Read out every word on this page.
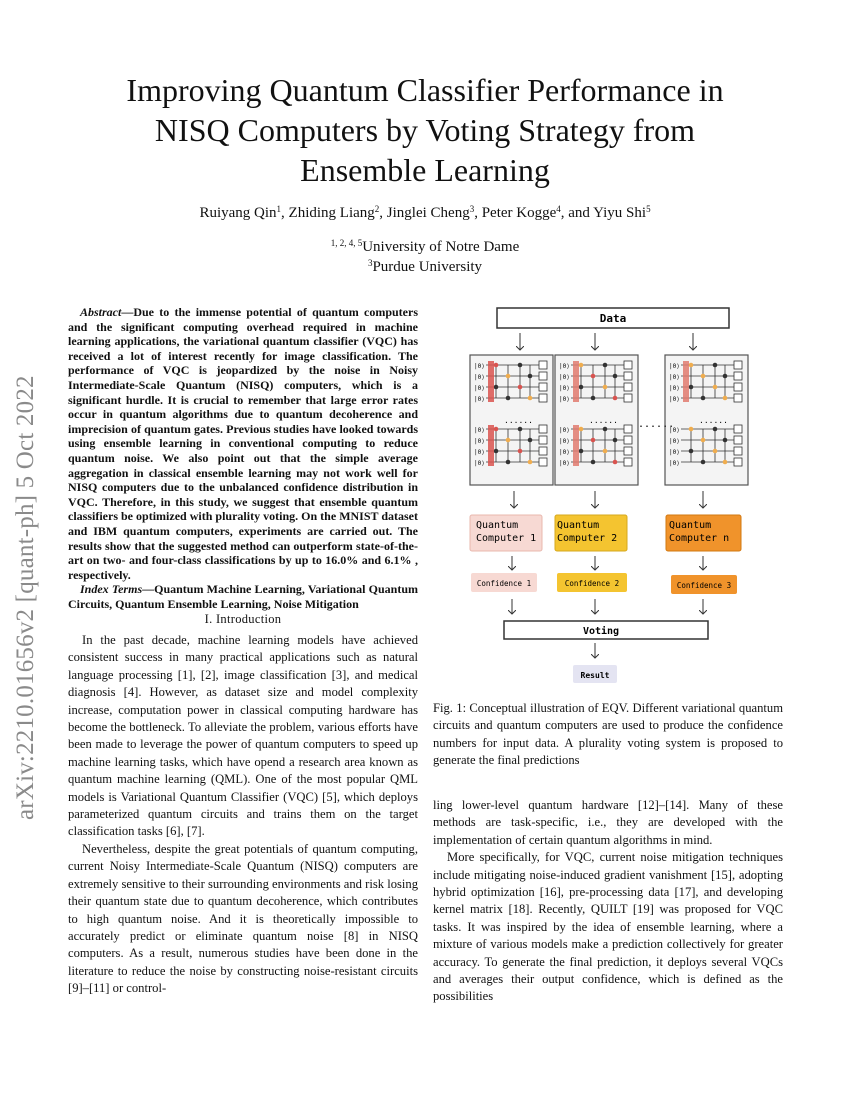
arXiv:2210.01656v2 [quant-ph] 5 Oct 2022
Improving Quantum Classifier Performance in NISQ Computers by Voting Strategy from Ensemble Learning
Ruiyang Qin$^1$, Zhiding Liang$^2$, Jinglei Cheng$^3$, Peter Kogge$^4$, and Yiyu Shi$^5$
$^{1, 2, 4, 5}$University of Notre Dame
$^3$Purdue University

Abstract—Due to the immense potential of quantum computers and the significant computing overhead required in machine learning applications, the variational quantum classifier (VQC) has received a lot of interest recently for image classification. The performance of VQC is jeopardized by the noise in Noisy Intermediate-Scale Quantum (NISQ) computers, which is a significant hurdle. It is crucial to remember that large error rates occur in quantum algorithms due to quantum decoherence and imprecision of quantum gates. Previous studies have looked towards using ensemble learning in conventional computing to reduce quantum noise. We also point out that the simple average aggregation in classical ensemble learning may not work well for NISQ computers due to the unbalanced confidence distribution in VQC. Therefore, in this study, we suggest that ensemble quantum classifiers be optimized with plurality voting. On the MNIST dataset and IBM quantum computers, experiments are carried out. The results show that the suggested method can outperform state-of-the-art on two- and four-class classifications by up to 16.0% and 6.1% , respectively.

Index Terms—Quantum Machine Learning, Variational Quantum Circuits, Quantum Ensemble Learning, Noise Mitigation

I. Introduction

In the past decade, machine learning models have achieved consistent success in many practical applications such as natural language processing [1], [2], image classification [3], and medical diagnosis [4]. However, as dataset size and model complexity increase, computation power in classical computing hardware has become the bottleneck. To alleviate the problem, various efforts have been made to leverage the power of quantum computers to speed up machine learning tasks, which have opend a research area known as quantum machine learning (QML). One of the most popular QML models is Variational Quantum Classifier (VQC) [5], which deploys parameterized quantum circuits and trains them on the target classification tasks [6], [7].

Nevertheless, despite the great potentials of quantum computing, current Noisy Intermediate-Scale Quantum (NISQ) computers are extremely sensitive to their surrounding environments and risk losing their quantum state due to quantum decoherence, which contributes to high quantum noise. And it is theoretically impossible to accurately predict or eliminate quantum noise [8] in NISQ computers. As a result, numerous studies have been done in the literature to reduce the noise by constructing noise-resistant circuits [9]–[11] or control-

Data
|0⟩
|0⟩
|0⟩
|0⟩
|0⟩
|0⟩
|0⟩
|0⟩
......
|0⟩
|0⟩
|0⟩
|0⟩
|0⟩
|0⟩
|0⟩
|0⟩
......
|0⟩
|0⟩
|0⟩
|0⟩
|0⟩
|0⟩
|0⟩
|0⟩
......
......
Quantum
Computer 1
Quantum
Computer 2
Quantum
Computer n
Confidence 1	Confidence 2	Confidence 3
Voting
Result
Fig. 1: Conceptual illustration of EQV. Different variational quantum circuits and quantum computers are used to produce the confidence numbers for input data. A plurality voting system is proposed to generate the final predictions

ling lower-level quantum hardware [12]–[14]. Many of these methods are task-specific, i.e., they are developed with the implementation of certain quantum algorithms in mind.

More specifically, for VQC, current noise mitigation techniques include mitigating noise-induced gradient vanishment [15], adopting hybrid optimization [16], pre-processing data [17], and developing kernel matrix [18]. Recently, QUILT [19] was proposed for VQC tasks. It was inspired by the idea of ensemble learning, where a mixture of various models make a prediction collectively for greater accuracy. To generate the final prediction, it deploys several VQCs and averages their output confidence, which is defined as the possibilities
